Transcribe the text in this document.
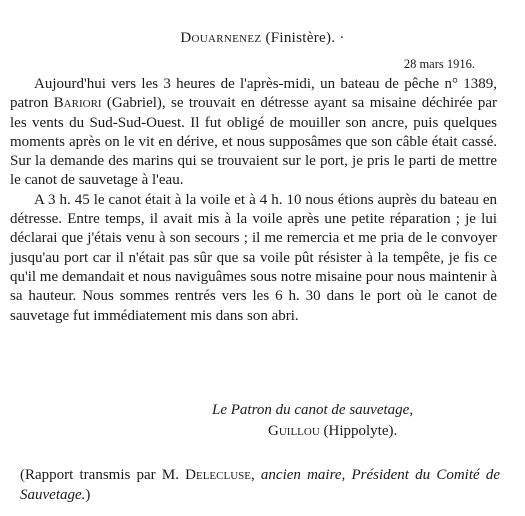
Douarnenez (Finistère). ·
28 mars 1916.

Aujourd'hui vers les 3 heures de l'après-midi, un bateau de pêche n° 1389, patron Bariori (Gabriel), se trouvait en détresse ayant sa misaine déchirée par les vents du Sud-Sud-Ouest. Il fut obligé de mouiller son ancre, puis quelques moments après on le vit en dérive, et nous supposâmes que son câble était cassé. Sur la demande des marins qui se trouvaient sur le port, je pris le parti de mettre le canot de sauvetage à l'eau.

A 3 h. 45 le canot était à la voile et à 4 h. 10 nous étions auprès du bateau en détresse. Entre temps, il avait mis à la voile après une petite réparation ; je lui déclarai que j'étais venu à son secours ; il me remercia et me pria de le convoyer jusqu'au port car il n'était pas sûr que sa voile pût résister à la tempête, je fis ce qu'il me demandait et nous naviguâmes sous notre misaine pour nous maintenir à sa hauteur. Nous sommes rentrés vers les 6 h. 30 dans le port où le canot de sauvetage fut immédiatement mis dans son abri.

Le Patron du canot de sauvetage,
Guillou (Hippolyte).
(Rapport transmis par M. Delecluse, ancien maire, Président du Comité de Sauvetage.)
